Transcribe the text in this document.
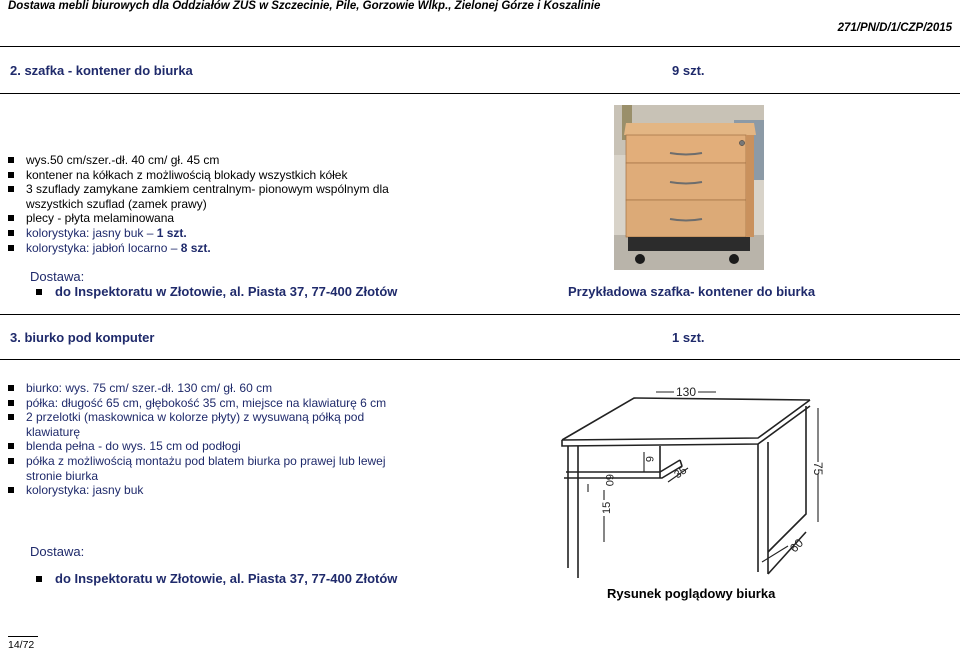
Dostawa mebli biurowych dla Oddziałów ZUS w Szczecinie, Pile, Gorzowie Wlkp., Zielonej Górze i Koszalinie
271/PN/D/1/CZP/2015
2. szafka - kontener do biurka	9 szt.
wys.50 cm/szer.-dł. 40 cm/ gł. 45 cm
kontener na kółkach z możliwością blokady wszystkich kółek
3 szuflady zamykane zamkiem centralnym- pionowym wspólnym dla wszystkich szuflad (zamek prawy)
plecy - płyta melaminowana
kolorystyka: jasny buk – 1 szt.
kolorystyka: jabłoń locarno – 8 szt.
Dostawa:
do Inspektoratu w Złotowie, al. Piasta 37, 77-400 Złotów	Przykładowa szafka- kontener do biurka
3. biurko pod komputer	1 szt.
biurko: wys. 75 cm/ szer.-dł. 130 cm/ gł. 60 cm
półka: długość 65 cm, głębokość 35 cm, miejsce na klawiaturę 6 cm
2 przelotki (maskownica w kolorze płyty) z wysuwaną półką pod klawiaturę
blenda pełna - do wys. 15 cm od podłogi
półka z możliwością montażu pod blatem biurka po prawej lub lewej stronie biurka
kolorystyka: jasny buk
Dostawa:
do Inspektoratu w Złotowie, al. Piasta 37, 77-400 Złotów
130
75
60
6
35
60
15
Rysunek poglądowy biurka
14/72
